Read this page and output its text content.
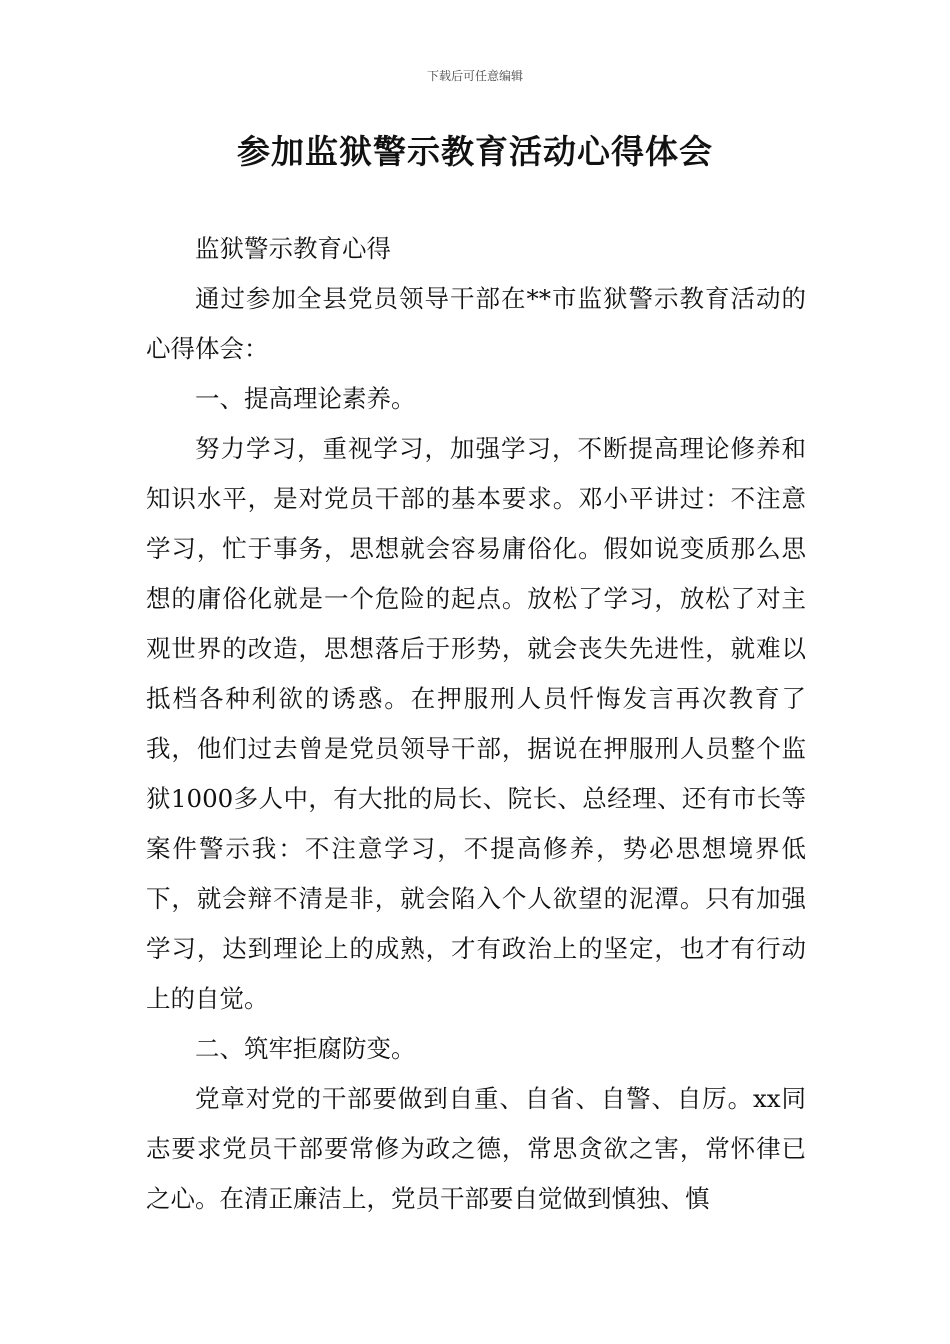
下载后可任意编辑
参加监狱警示教育活动心得体会

监狱警示教育心得

通过参加全县党员领导干部在**市监狱警示教育活动的心得体会：

一、提高理论素养。

努力学习，重视学习，加强学习，不断提高理论修养和知识水平，是对党员干部的基本要求。邓小平讲过：不注意学习，忙于事务，思想就会容易庸俗化。假如说变质那么思想的庸俗化就是一个危险的起点。放松了学习，放松了对主观世界的改造，思想落后于形势，就会丧失先进性，就难以抵档各种利欲的诱惑。在押服刑人员忏悔发言再次教育了我，他们过去曾是党员领导干部，据说在押服刑人员整个监狱1000多人中，有大批的局长、院长、总经理、还有市长等案件警示我：不注意学习，不提高修养，势必思想境界低下，就会辩不清是非，就会陷入个人欲望的泥潭。只有加强学习，达到理论上的成熟，才有政治上的坚定，也才有行动上的自觉。

二、筑牢拒腐防变。

党章对党的干部要做到自重、自省、自警、自厉。xx同志要求党员干部要常修为政之德，常思贪欲之害，常怀律已之心。在清正廉洁上，党员干部要自觉做到慎独、慎
